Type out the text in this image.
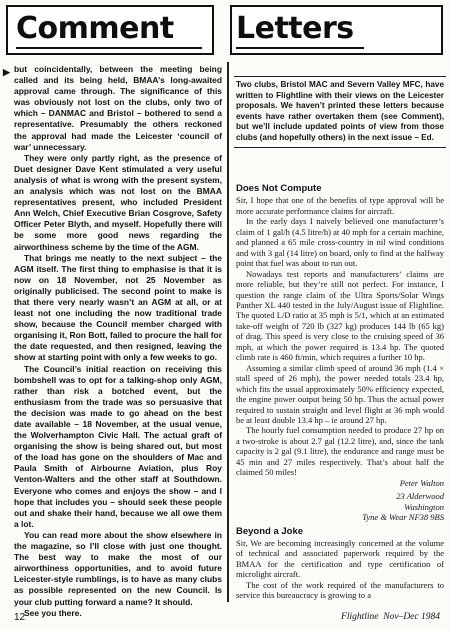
Comment	Letters
▶ but coincidentally, between the meeting being called and its being held, BMAA’s long-awaited approval came through. The significance of this was obviously not lost on the clubs, only two of which – DANMAC and Bristol – bothered to send a representative. Presumably the others reckoned the approval had made the Leicester ‘council of war’ unnecessary.

They were only partly right, as the presence of Duet designer Dave Kent stimulated a very useful analysis of what is wrong with the present system, an analysis which was not lost on the BMAA representatives present, who included President Ann Welch, Chief Executive Brian Cosgrove, Safety Officer Peter Blyth, and myself. Hopefully there will be some more good news regarding the airworthiness scheme by the time of the AGM.

That brings me neatly to the next subject – the AGM itself. The first thing to emphasise is that it is now on 18 November, not 25 November as originally publicised. The second point to make is that there very nearly wasn’t an AGM at all, or at least not one including the now traditional trade show, because the Council member charged with organising it, Ron Bott, failed to procure the hall for the date requested, and then resigned, leaving the show at starting point with only a few weeks to go.

The Council’s initial reaction on receiving this bombshell was to opt for a talking-shop only AGM, rather than risk a botched event, but the enthusiasm from the trade was so persuasive that the decision was made to go ahead on the best date available – 18 November, at the usual venue, the Wolverhampton Civic Hall. The actual graft of organising the show is being shared out, but most of the load has gone on the shoulders of Mac and Paula Smith of Airbourne Aviation, plus Roy Venton-Walters and the other staff at Southdown. Everyone who comes and enjoys the show – and I hope that includes you – should seek these people out and shake their hand, because we all owe them a lot.

You can read more about the show elsewhere in the magazine, so I’ll close with just one thought. The best way to make the most of our airworthiness opportunities, and to avoid future Leicester-style rumblings, is to have as many clubs as possible represented on the new Council. Is your club putting forward a name? It should.

See you there.

Two clubs, Bristol MAC and Severn Valley MFC, have written to Flightline with their views on the Leicester proposals. We haven’t printed these letters because events have rather overtaken them (see Comment), but we’ll include updated points of view from those clubs (and hopefully others) in the next issue – Ed.
Does Not Compute

Sir, I hope that one of the benefits of type approval will be more accurate performance claims for aircraft.

In the early days I naively believed one manufacturer’s claim of 1 gal/h (4.5 litre/h) at 40 mph for a certain machine, and planned a 65 mile cross-country in nil wind conditions and with 3 gal (14 litre) on board, only to find at the halfway point that fuel was about to run out.

Nowadays test reports and manufacturers’ claims are more reliable, but they’re still not perfect. For instance, I question the range claim of the Ultra Sports/Solar Wings Panther XL 440 tested in the July/August issue of Flightline. The quoted L/D ratio at 35 mph is 5/1, which at an estimated take-off weight of 720 lb (327 kg) produces 144 lb (65 kg) of drag. This speed is very close to the cruising speed of 36 mph, at which the power required is 13.4 hp. The quoted climb rate is 460 ft/min, which requires a further 10 hp.

Assuming a similar climb speed of around 36 mph (1.4 × stall speed of 26 mph), the power needed totals 23.4 hp, which fits the usual approximately 50% efficiency expected, the engine power output being 50 hp. Thus the actual power required to sustain straight and level flight at 36 mph would be at least double 13.4 hp – ie around 27 hp.

The hourly fuel consumption needed to produce 27 hp on a two-stroke is about 2.7 gal (12.2 litre), and, since the tank capacity is 2 gal (9.1 litre), the endurance and range must be 45 min and 27 miles respectively. That’s about half the claimed 50 miles!

Peter Walton
23 Alderwood
Washington
Tyne & Wear NF38 9BS
Beyond a Joke

Sir, We are becoming increasingly concerned at the volume of technical and associated paperwork required by the BMAA for the certification and type certification of microlight aircraft.

The cost of the work required of the manufacturers to service this bureaucracy is growing to a

12	Flightline Nov–Dec 1984
